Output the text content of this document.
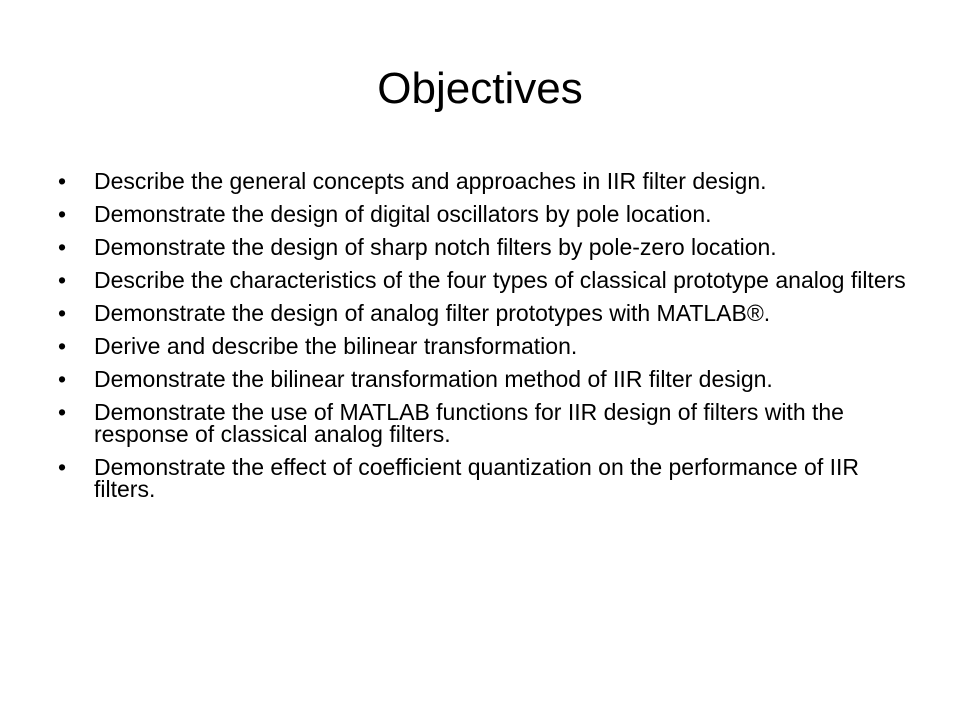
Objectives
•	Describe the general concepts and approaches in IIR filter design.
•	Demonstrate the design of digital oscillators by pole location.
•	Demonstrate the design of sharp notch filters by pole-zero location.
•	Describe the characteristics of the four types of classical prototype analog filters
•	Demonstrate the design of analog filter prototypes with MATLAB®.
•	Derive and describe the bilinear transformation.
•	Demonstrate the bilinear transformation method of IIR filter design.
•	Demonstrate the use of MATLAB functions for IIR design of filters with the response of classical analog filters.
•	Demonstrate the effect of coefficient quantization on the performance of IIR filters.
